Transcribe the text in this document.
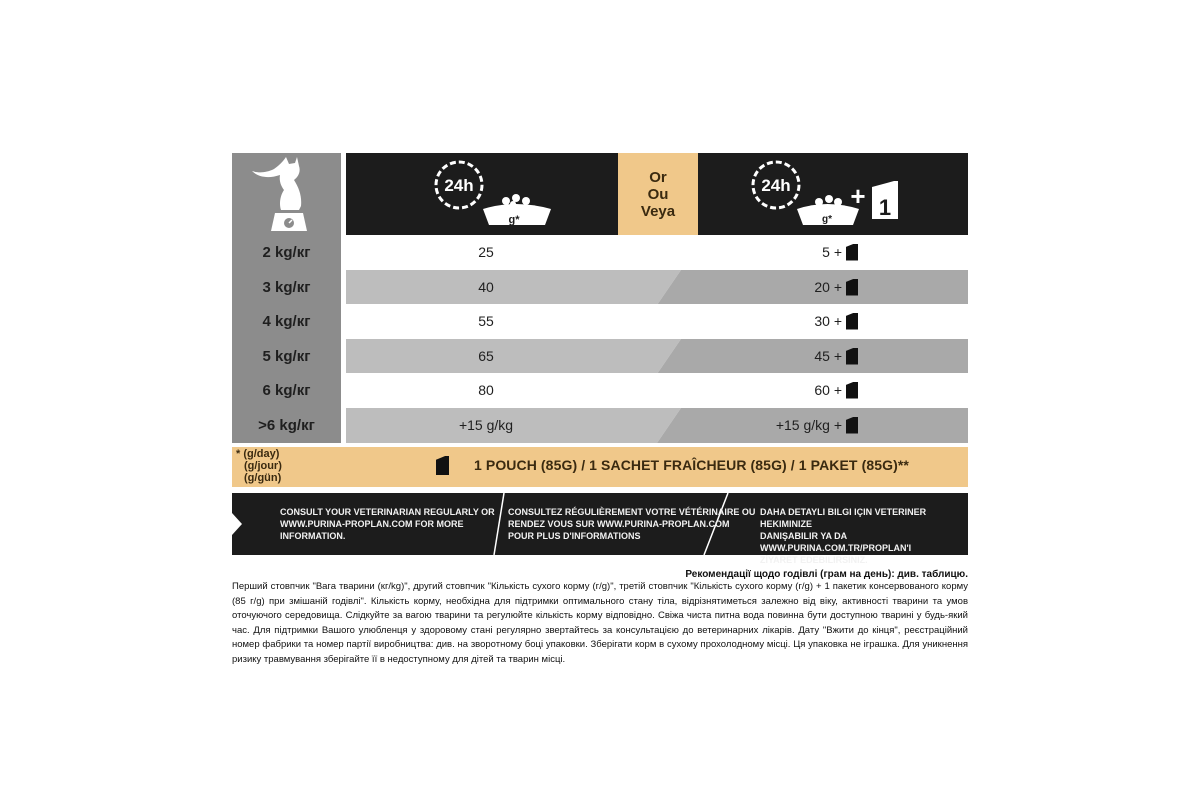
24h
g*
Or
Ou
Veya
24h
g*
+ 1
2 kg/кг	25	5 +
3 kg/кг	40	20 +
4 kg/кг	55	30 +
5 kg/кг	65	45 +
6 kg/кг	80	60 +
>6 kg/кг	+15 g/kg	+15 g/kg +
* (g/day)
(g/jour)
(g/gün)
1 POUCH (85G) / 1 SACHET FRAÎCHEUR (85G) / 1 PAKET (85G)**
CONSULT YOUR VETERINARIAN REGULARLY OR
WWW.PURINA-PROPLAN.COM FOR MORE
INFORMATION.
CONSULTEZ RÉGULIÈREMENT VOTRE VÉTÉRINAIRE OU
RENDEZ VOUS SUR WWW.PURINA-PROPLAN.COM
POUR PLUS D'INFORMATIONS
DAHA DETAYLI BILGI IÇIN VETERINER HEKIMINIZE
DANIŞABILIR YA DA WWW.PURINA.COM.TR/PROPLAN'I
ZİYARET EDEBILIRSINIZ.
Рекомендації щодо годівлі (грам на день): див. таблицю.
Перший стовпчик "Вага тварини (кг/kg)", другий стовпчик "Кількість сухого корму (г/g)", третій стовпчик "Кількість сухого корму (г/g) + 1 пакетик консервованого корму (85 г/g) при змішаній годівлі". Кількість корму, необхідна для підтримки оптимального стану тіла, відрізнятиметься залежно від віку, активності тварини та умов оточуючого середовища. Слідкуйте за вагою тварини та регулюйте кількість корму відповідно. Свіжа чиста питна вода повинна бути доступною тварині у будь-який час. Для підтримки Вашого улюбленця у здоровому стані регулярно звертайтесь за консультацією до ветеринарних лікарів. Дату "Вжити до кінця", реєстраційний номер фабрики та номер партії виробництва: див. на зворотному боці упаковки. Зберігати корм в сухому прохолодному місці. Ця упаковка не іграшка. Для уникнення ризику травмування зберігайте її в недоступному для дітей та тварин місці.
